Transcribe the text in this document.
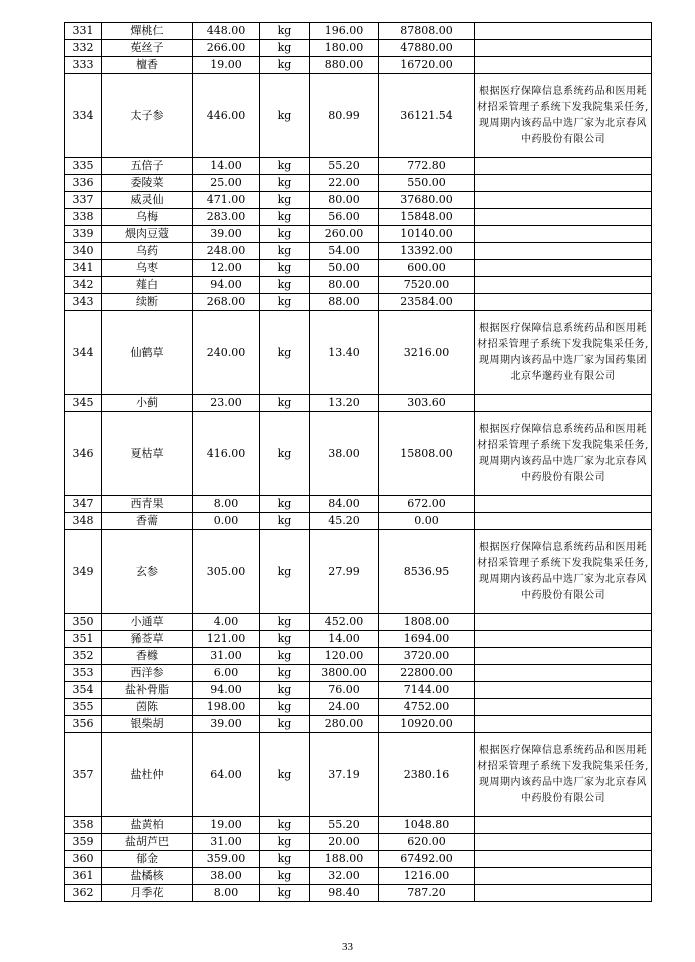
331	燀桃仁	448.00	kg	196.00	87808.00	
332	莬丝子	266.00	kg	180.00	47880.00	
333	檀香	19.00	kg	880.00	16720.00	
334	太子参	446.00	kg	80.99	36121.54	根据医疗保障信息系统药品和医用耗材招采管理子系统下发我院集采任务,现周期内该药品中选厂家为北京春风中药股份有限公司
335	五倍子	14.00	kg	55.20	772.80	
336	委陵菜	25.00	kg	22.00	550.00	
337	威灵仙	471.00	kg	80.00	37680.00	
338	乌梅	283.00	kg	56.00	15848.00	
339	煨肉豆蔻	39.00	kg	260.00	10140.00	
340	乌药	248.00	kg	54.00	13392.00	
341	乌枣	12.00	kg	50.00	600.00	
342	薤白	94.00	kg	80.00	7520.00	
343	续断	268.00	kg	88.00	23584.00	
344	仙鹤草	240.00	kg	13.40	3216.00	根据医疗保障信息系统药品和医用耗材招采管理子系统下发我院集采任务,现周期内该药品中选厂家为国药集团北京华邈药业有限公司
345	小蓟	23.00	kg	13.20	303.60	
346	夏枯草	416.00	kg	38.00	15808.00	根据医疗保障信息系统药品和医用耗材招采管理子系统下发我院集采任务,现周期内该药品中选厂家为北京春风中药股份有限公司
347	西青果	8.00	kg	84.00	672.00	
348	香薷	0.00	kg	45.20	0.00	
349	玄参	305.00	kg	27.99	8536.95	根据医疗保障信息系统药品和医用耗材招采管理子系统下发我院集采任务,现周期内该药品中选厂家为北京春风中药股份有限公司
350	小通草	4.00	kg	452.00	1808.00	
351	豨莶草	121.00	kg	14.00	1694.00	
352	香橼	31.00	kg	120.00	3720.00	
353	西洋参	6.00	kg	3800.00	22800.00	
354	盐补骨脂	94.00	kg	76.00	7144.00	
355	茵陈	198.00	kg	24.00	4752.00	
356	银柴胡	39.00	kg	280.00	10920.00	
357	盐杜仲	64.00	kg	37.19	2380.16	根据医疗保障信息系统药品和医用耗材招采管理子系统下发我院集采任务,现周期内该药品中选厂家为北京春风中药股份有限公司
358	盐黄柏	19.00	kg	55.20	1048.80	
359	盐胡芦巴	31.00	kg	20.00	620.00	
360	郁金	359.00	kg	188.00	67492.00	
361	盐橘核	38.00	kg	32.00	1216.00	
362	月季花	8.00	kg	98.40	787.20	
33
